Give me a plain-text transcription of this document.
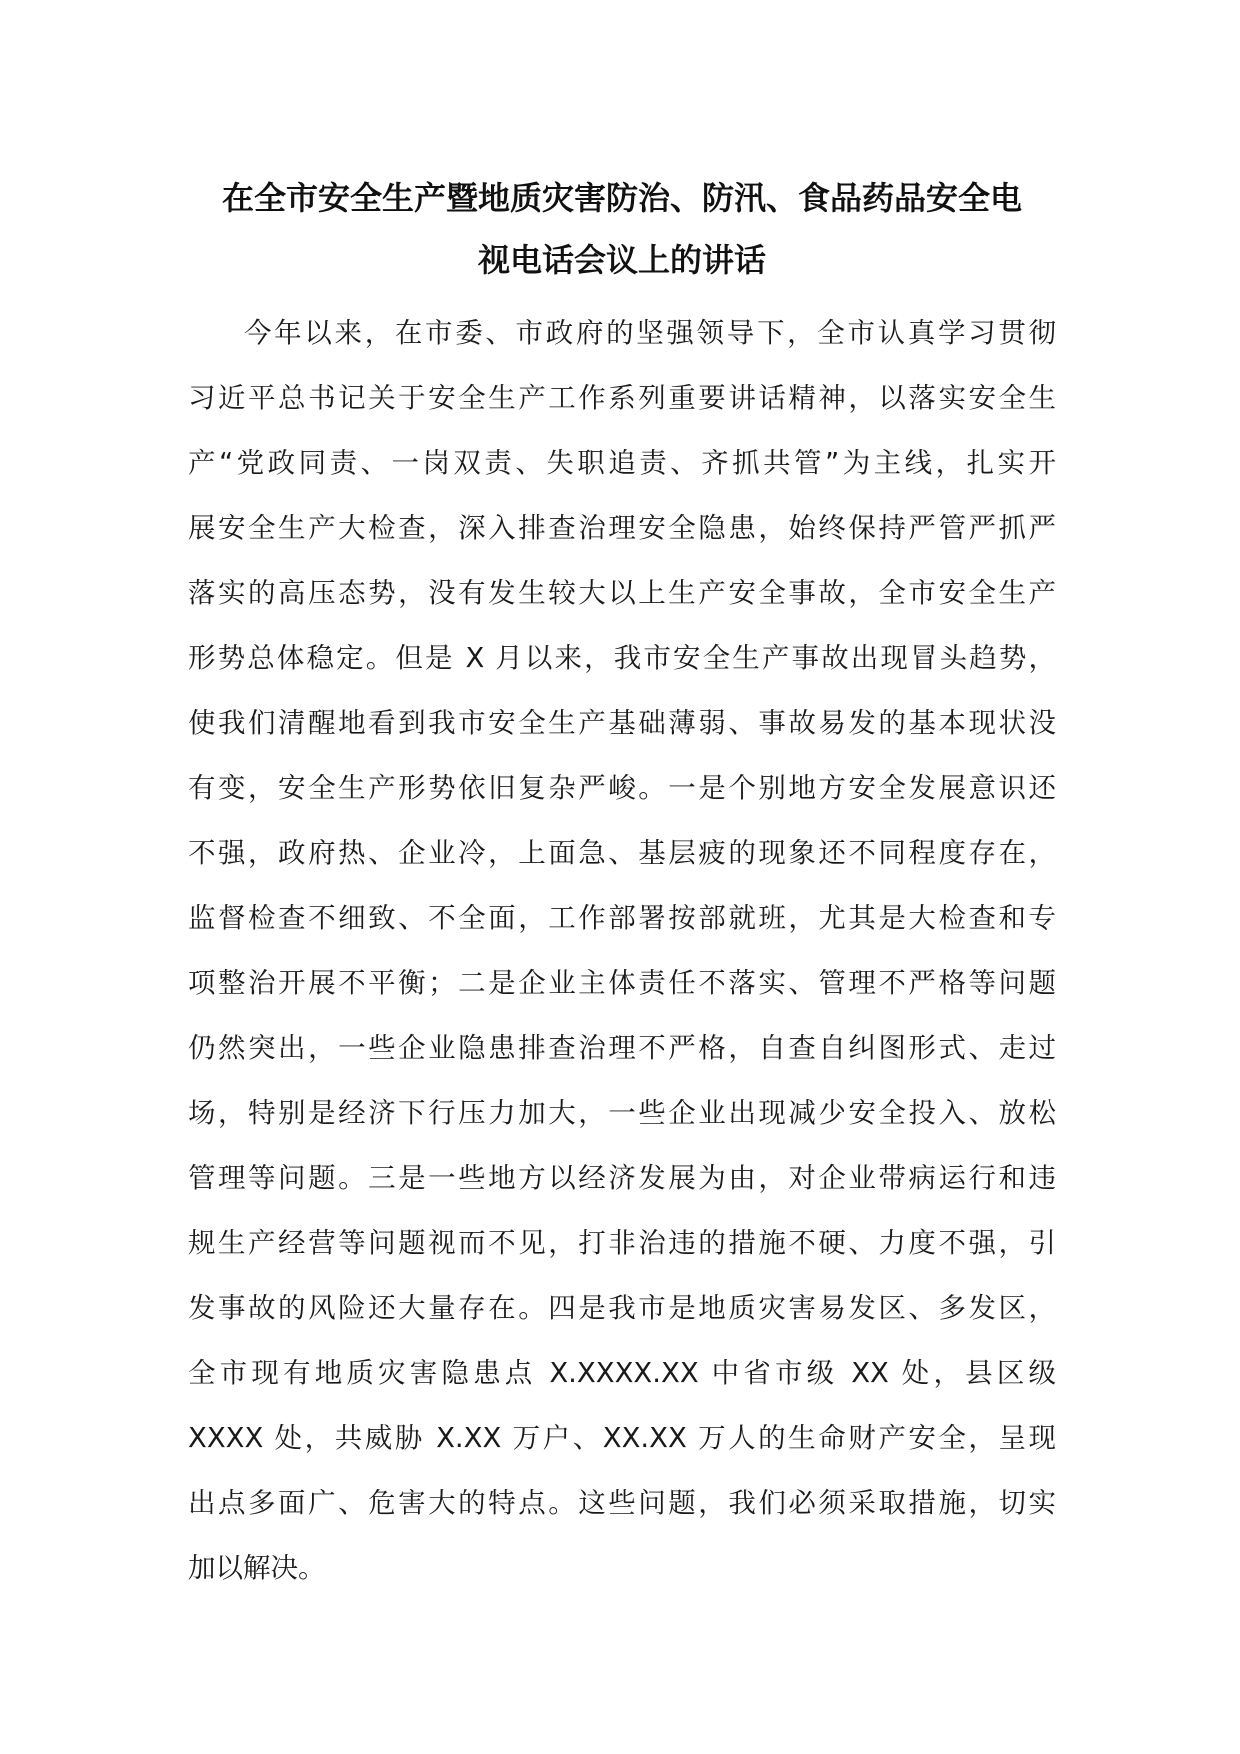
在全市安全生产暨地质灾害防治、防汛、食品药品安全电
视电话会议上的讲话
今年以来，在市委、市政府的坚强领导下，全市认真学习贯彻
习近平总书记关于安全生产工作系列重要讲话精神，以落实安全生
产“党政同责、一岗双责、失职追责、齐抓共管”为主线，扎实开
展安全生产大检查，深入排查治理安全隐患，始终保持严管严抓严
落实的高压态势，没有发生较大以上生产安全事故，全市安全生产
形势总体稳定。但是 X 月以来，我市安全生产事故出现冒头趋势，
使我们清醒地看到我市安全生产基础薄弱、事故易发的基本现状没
有变，安全生产形势依旧复杂严峻。一是个别地方安全发展意识还
不强，政府热、企业冷，上面急、基层疲的现象还不同程度存在，
监督检查不细致、不全面，工作部署按部就班，尤其是大检查和专
项整治开展不平衡；二是企业主体责任不落实、管理不严格等问题
仍然突出，一些企业隐患排查治理不严格，自查自纠图形式、走过
场，特别是经济下行压力加大，一些企业出现减少安全投入、放松
管理等问题。三是一些地方以经济发展为由，对企业带病运行和违
规生产经营等问题视而不见，打非治违的措施不硬、力度不强，引
发事故的风险还大量存在。四是我市是地质灾害易发区、多发区，
全市现有地质灾害隐患点 X.XXXX.XX 中省市级 XX 处，县区级
XXXX 处，共威胁 X.XX 万户、XX.XX 万人的生命财产安全，呈现
出点多面广、危害大的特点。这些问题，我们必须采取措施，切实
加以解决。
